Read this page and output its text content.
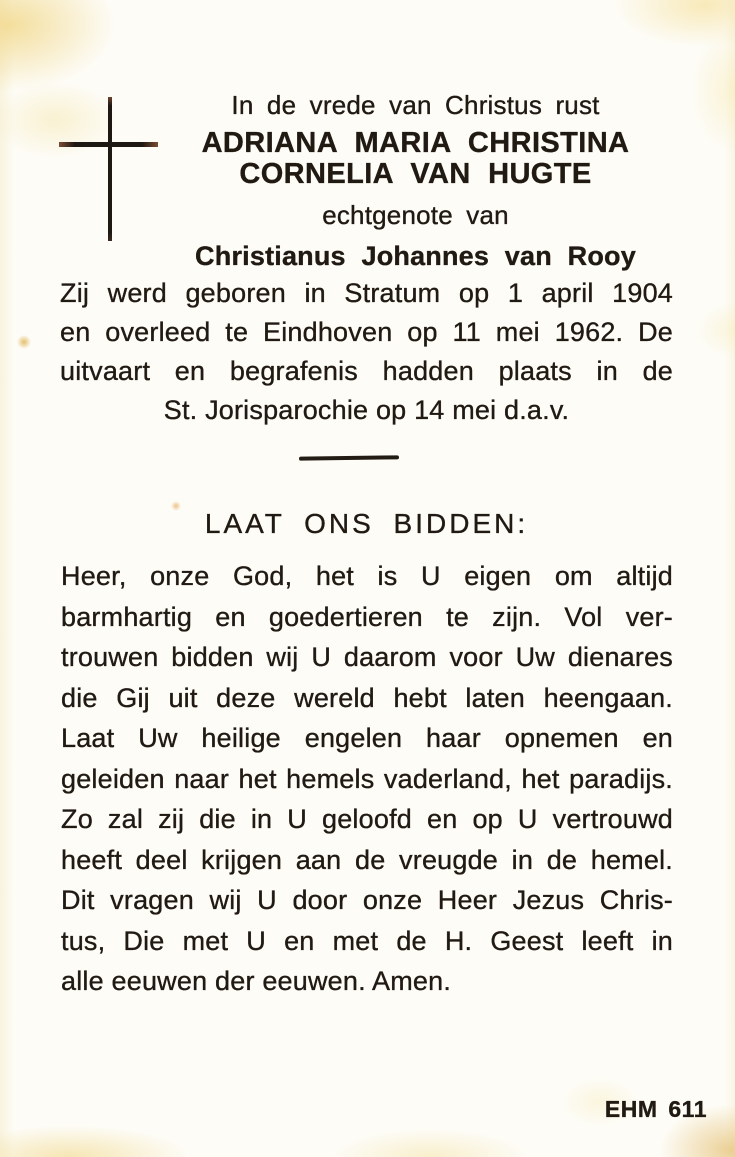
In de vrede van Christus rust
ADRIANA MARIA CHRISTINA
CORNELIA VAN HUGTE
echtgenote van
Christianus Johannes van Rooy
Zij werd geboren in Stratum op 1 april 1904
en overleed te Eindhoven op 11 mei 1962. De
uitvaart en begrafenis hadden plaats in de
St. Jorisparochie op 14 mei d.a.v.
LAAT ONS BIDDEN:
Heer, onze God, het is U eigen om altijd
barmhartig en goedertieren te zijn. Vol ver-
trouwen bidden wij U daarom voor Uw dienares
die Gij uit deze wereld hebt laten heengaan.
Laat Uw heilige engelen haar opnemen en
geleiden naar het hemels vaderland, het paradijs.
Zo zal zij die in U geloofd en op U vertrouwd
heeft deel krijgen aan de vreugde in de hemel.
Dit vragen wij U door onze Heer Jezus Chris-
tus, Die met U en met de H. Geest leeft in
alle eeuwen der eeuwen. Amen.
EHM 611
